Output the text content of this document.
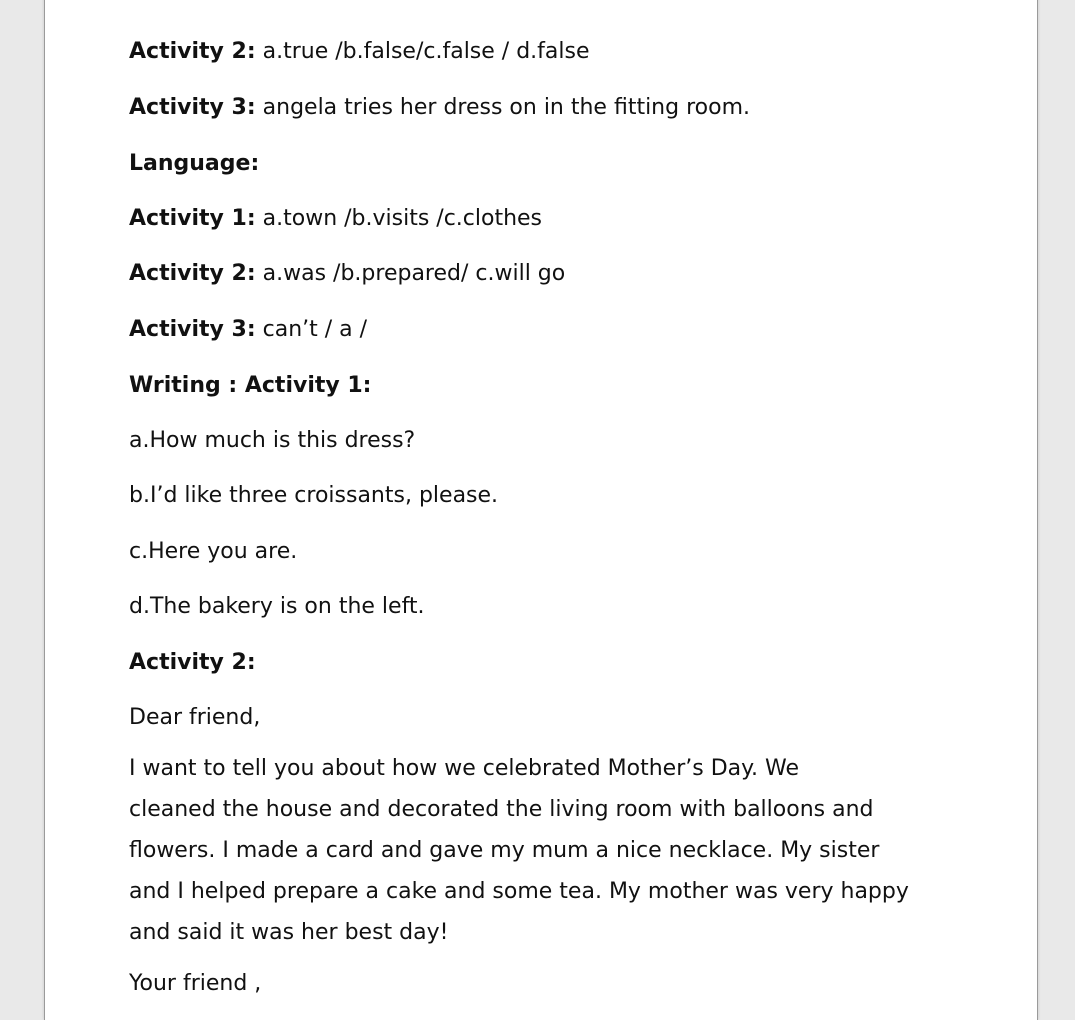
Activity 2: a.true /b.false/c.false / d.false
Activity 3: angela tries her dress on in the fitting room.
Language:
Activity 1: a.town /b.visits /c.clothes
Activity 2: a.was /b.prepared/ c.will go
Activity 3: can’t / a /
Writing : Activity 1:
a.How much is this dress?
b.I’d like three croissants, please.
c.Here you are.
d.The bakery is on the left.
Activity 2:
Dear friend,
I want to tell you about how we celebrated Mother’s Day. We
cleaned the house and decorated the living room with balloons and
flowers. I made a card and gave my mum a nice necklace. My sister
and I helped prepare a cake and some tea. My mother was very happy
and said it was her best day!
Your friend ,
